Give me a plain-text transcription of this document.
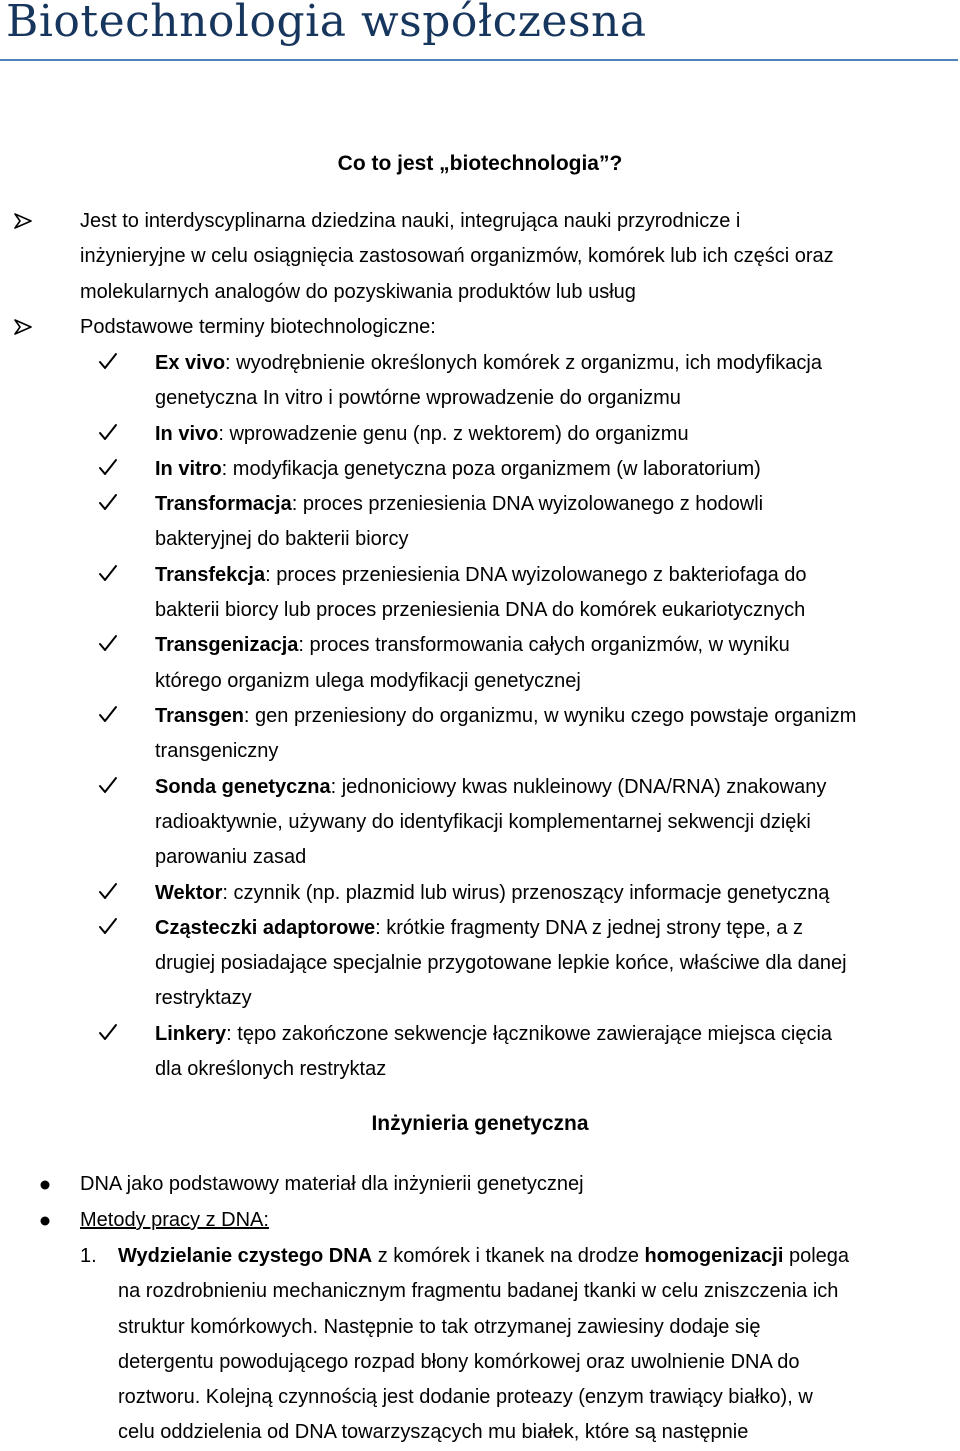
Biotechnologia współczesna
Co to jest „biotechnologia”?

Jest to interdyscyplinarna dziedzina nauki, integrująca nauki przyrodnicze i

inżynieryjne w celu osiągnięcia zastosowań organizmów, komórek lub ich części oraz

molekularnych analogów do pozyskiwania produktów lub usług

Podstawowe terminy biotechnologiczne:

Ex vivo: wyodrębnienie określonych komórek z organizmu, ich modyfikacja

genetyczna In vitro i powtórne wprowadzenie do organizmu

In vivo: wprowadzenie genu (np. z wektorem) do organizmu

In vitro: modyfikacja genetyczna poza organizmem (w laboratorium)

Transformacja: proces przeniesienia DNA wyizolowanego z hodowli

bakteryjnej do bakterii biorcy

Transfekcja: proces przeniesienia DNA wyizolowanego z bakteriofaga do

bakterii biorcy lub proces przeniesienia DNA do komórek eukariotycznych

Transgenizacja: proces transformowania całych organizmów, w wyniku

którego organizm ulega modyfikacji genetycznej

Transgen: gen przeniesiony do organizmu, w wyniku czego powstaje organizm

transgeniczny

Sonda genetyczna: jednoniciowy kwas nukleinowy (DNA/RNA) znakowany

radioaktywnie, używany do identyfikacji komplementarnej sekwencji dzięki

parowaniu zasad

Wektor: czynnik (np. plazmid lub wirus) przenoszący informacje genetyczną

Cząsteczki adaptorowe: krótkie fragmenty DNA z jednej strony tępe, a z

drugiej posiadające specjalnie przygotowane lepkie końce, właściwe dla danej

restryktazy

Linkery: tępo zakończone sekwencje łącznikowe zawierające miejsca cięcia

dla określonych restryktaz

Inżynieria genetyczna

DNA jako podstawowy materiał dla inżynierii genetycznej

Metody pracy z DNA:

1. Wydzielanie czystego DNA z komórek i tkanek na drodze homogenizacji polega

na rozdrobnieniu mechanicznym fragmentu badanej tkanki w celu zniszczenia ich

struktur komórkowych. Następnie to tak otrzymanej zawiesiny dodaje się

detergentu powodującego rozpad błony komórkowej oraz uwolnienie DNA do

roztworu. Kolejną czynnością jest dodanie proteazy (enzym trawiący białko), w

celu oddzielenia od DNA towarzyszących mu białek, które są następnie
